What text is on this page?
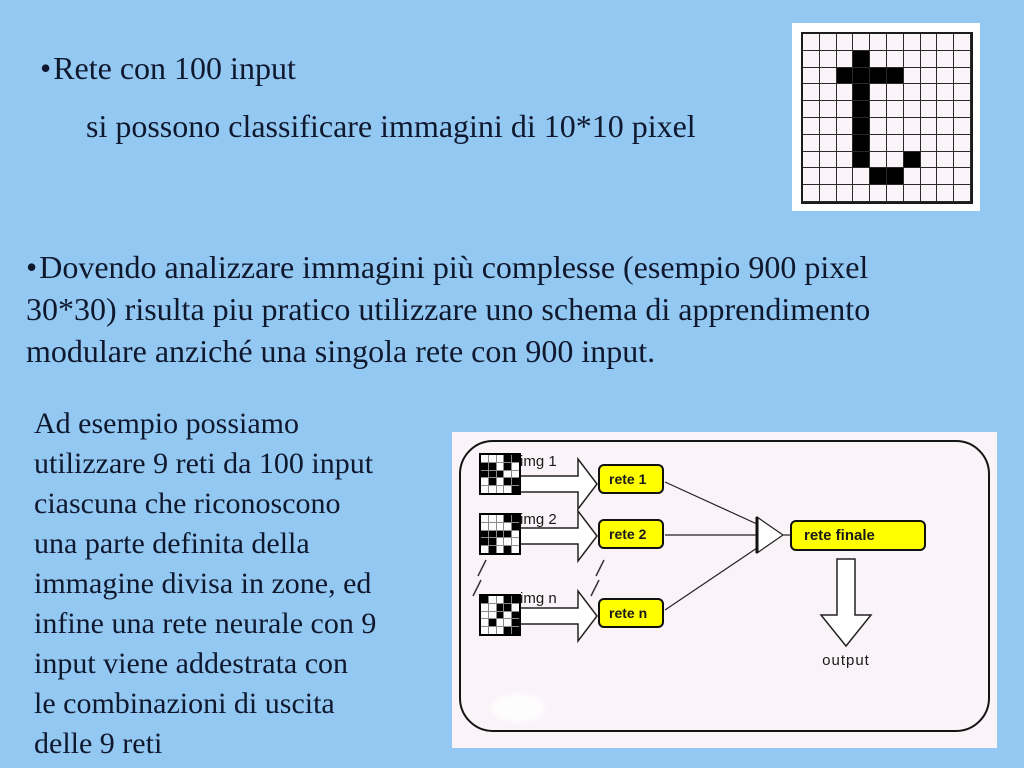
•Rete con 100 input
si possono classificare immagini di 10*10 pixel
•Dovendo analizzare immagini più complesse (esempio 900 pixel
30*30) risulta piu pratico utilizzare uno schema di apprendimento
modulare anziché una singola rete con 900 input.
Ad esempio possiamo
utilizzare 9 reti da 100 input
ciascuna che riconoscono
una parte definita della
immagine divisa in zone, ed
infine una rete neurale con 9
input viene addestrata con
le combinazioni di uscita
delle 9 reti
img 1
img 2
img n
rete 1
rete 2
rete n
rete finale
output
